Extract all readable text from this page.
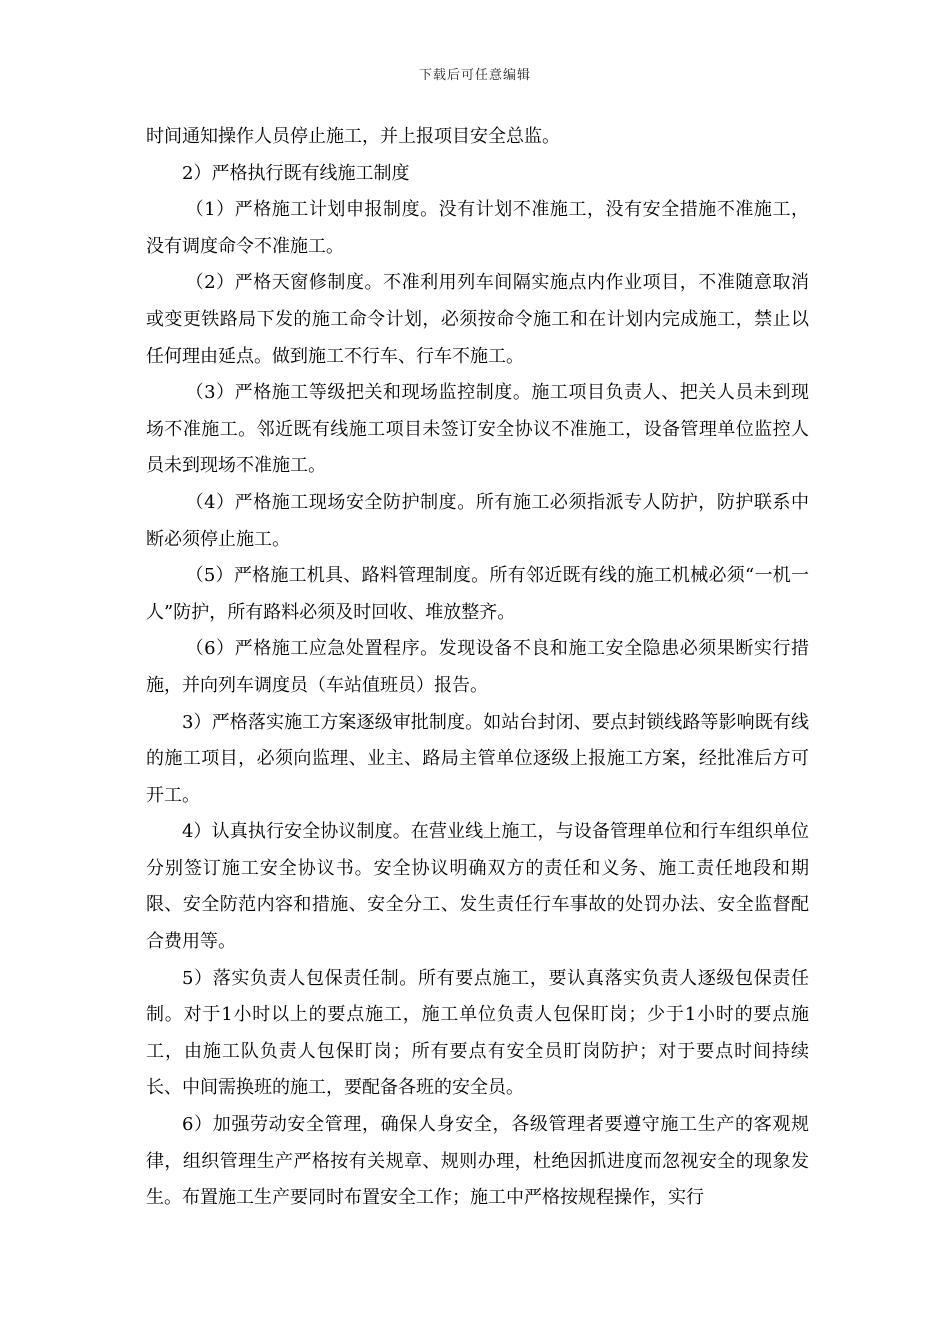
下载后可任意编辑

时间通知操作人员停止施工，并上报项目安全总监。

2）严格执行既有线施工制度

（1）严格施工计划申报制度。没有计划不准施工，没有安全措施不准施工，没有调度命令不准施工。

（2）严格天窗修制度。不准利用列车间隔实施点内作业项目，不准随意取消或变更铁路局下发的施工命令计划，必须按命令施工和在计划内完成施工，禁止以任何理由延点。做到施工不行车、行车不施工。

（3）严格施工等级把关和现场监控制度。施工项目负责人、把关人员未到现场不准施工。邻近既有线施工项目未签订安全协议不准施工，设备管理单位监控人员未到现场不准施工。

（4）严格施工现场安全防护制度。所有施工必须指派专人防护，防护联系中断必须停止施工。

（5）严格施工机具、路料管理制度。所有邻近既有线的施工机械必须“一机一人”防护，所有路料必须及时回收、堆放整齐。

（6）严格施工应急处置程序。发现设备不良和施工安全隐患必须果断实行措施，并向列车调度员（车站值班员）报告。

3）严格落实施工方案逐级审批制度。如站台封闭、要点封锁线路等影响既有线的施工项目，必须向监理、业主、路局主管单位逐级上报施工方案，经批准后方可开工。

4）认真执行安全协议制度。在营业线上施工，与设备管理单位和行车组织单位分别签订施工安全协议书。安全协议明确双方的责任和义务、施工责任地段和期限、安全防范内容和措施、安全分工、发生责任行车事故的处罚办法、安全监督配合费用等。

5）落实负责人包保责任制。所有要点施工，要认真落实负责人逐级包保责任制。对于1小时以上的要点施工，施工单位负责人包保盯岗；少于1小时的要点施工，由施工队负责人包保盯岗；所有要点有安全员盯岗防护；对于要点时间持续长、中间需换班的施工，要配备各班的安全员。

6）加强劳动安全管理，确保人身安全，各级管理者要遵守施工生产的客观规律，组织管理生产严格按有关规章、规则办理，杜绝因抓进度而忽视安全的现象发生。布置施工生产要同时布置安全工作；施工中严格按规程操作，实行
